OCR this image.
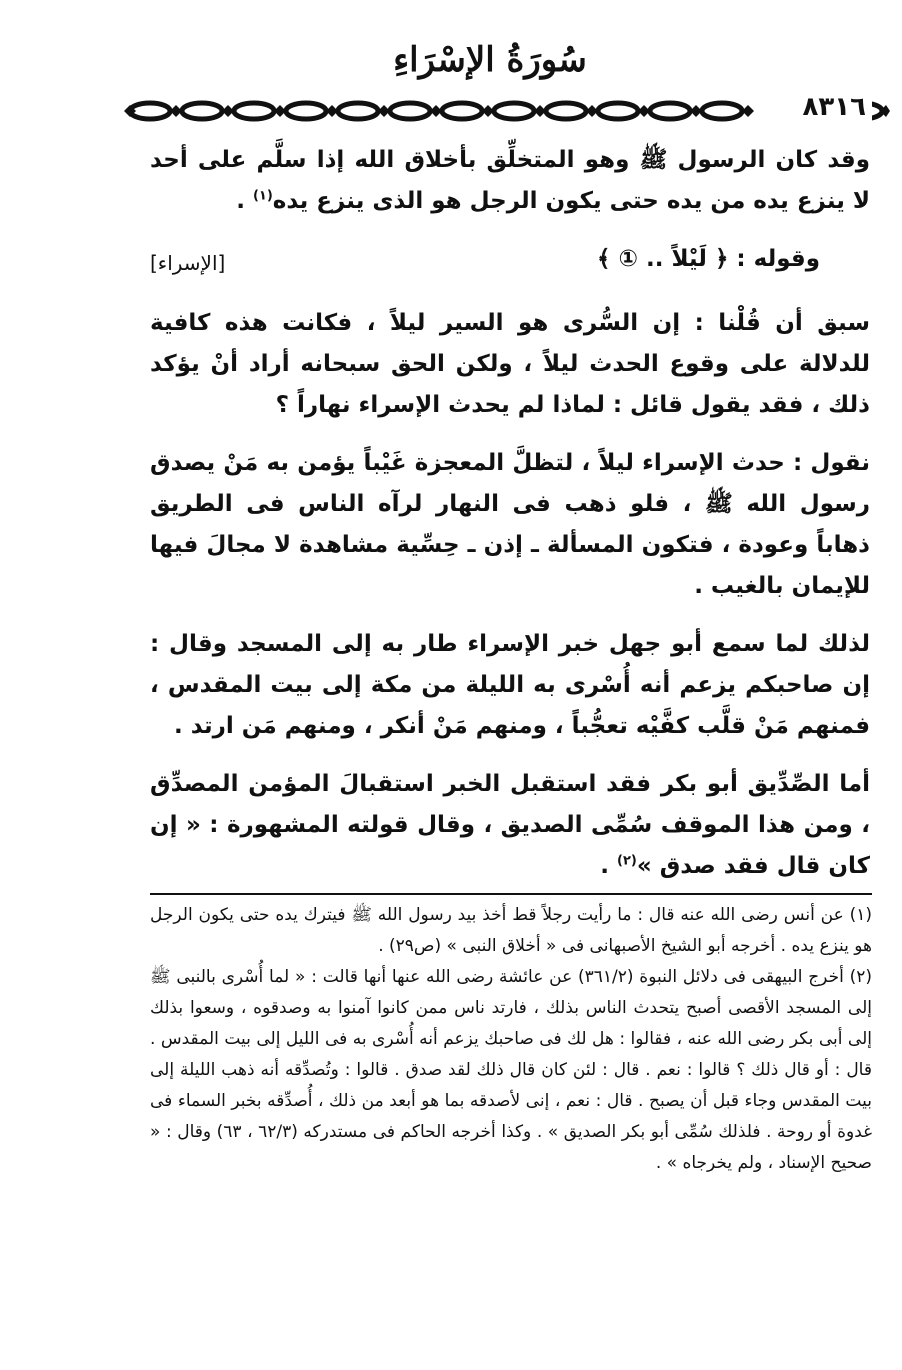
سُورَةُ الإسْرَاءِ
٨٣١٦

وقد كان الرسول ﷺ وهو المتخلِّق بأخلاق الله إذا سلَّم على أحد لا ينزع يده من يده حتى يكون الرجل هو الذى ينزع يده$^{(١)}$ .

وقوله : ﴿ لَيْلاً .. ① ﴾
[الإسراء]

سبق أن قُلْنا : إن السُّرى هو السير ليلاً ، فكانت هذه كافية للدلالة على وقوع الحدث ليلاً ، ولكن الحق سبحانه أراد أنْ يؤكد ذلك ، فقد يقول قائل : لماذا لم يحدث الإسراء نهاراً ؟

نقول : حدث الإسراء ليلاً ، لتظلَّ المعجزة غَيْباً يؤمن به مَنْ يصدق رسول الله ﷺ ، فلو ذهب فى النهار لرآه الناس فى الطريق ذهاباً وعودة ، فتكون المسألة ـ إذن ـ حِسِّية مشاهدة لا مجالَ فيها للإيمان بالغيب .

لذلك لما سمع أبو جهل خبر الإسراء طار به إلى المسجد وقال : إن صاحبكم يزعم أنه أُسْرى به الليلة من مكة إلى بيت المقدس ، فمنهم مَنْ قلَّب كفَّيْه تعجُّباً ، ومنهم مَنْ أنكر ، ومنهم مَن ارتد .

أما الصِّدِّيق أبو بكر فقد استقبل الخبر استقبالَ المؤمن المصدِّق ، ومن هذا الموقف سُمِّى الصديق ، وقال قولته المشهورة : « إن كان قال فقد صدق »$^{(٢)}$ .

(١) عن أنس رضى الله عنه قال : ما رأيت رجلاً قط أخذ بيد رسول الله ﷺ فيترك يده حتى يكون الرجل هو ينزع يده . أخرجه أبو الشيخ الأصبهانى فى « أخلاق النبى » (ص٢٩) .

(٢) أخرج البيهقى فى دلائل النبوة (٣٦١/٢) عن عائشة رضى الله عنها أنها قالت : « لما أُسْرى بالنبى ﷺ إلى المسجد الأقصى أصبح يتحدث الناس بذلك ، فارتد ناس ممن كانوا آمنوا به وصدقوه ، وسعوا بذلك إلى أبى بكر رضى الله عنه ، فقالوا : هل لك فى صاحبك يزعم أنه أُسْرى به فى الليل إلى بيت المقدس . قال : أو قال ذلك ؟ قالوا : نعم . قال : لئن كان قال ذلك لقد صدق . قالوا : وتُصدِّقه أنه ذهب الليلة إلى بيت المقدس وجاء قبل أن يصبح . قال : نعم ، إنى لأصدقه بما هو أبعد من ذلك ، أُصدِّقه بخبر السماء فى غدوة أو روحة . فلذلك سُمِّى أبو بكر الصديق » . وكذا أخرجه الحاكم فى مستدركه (٦٢/٣ ، ٦٣) وقال : « صحيح الإسناد ، ولم يخرجاه » .
